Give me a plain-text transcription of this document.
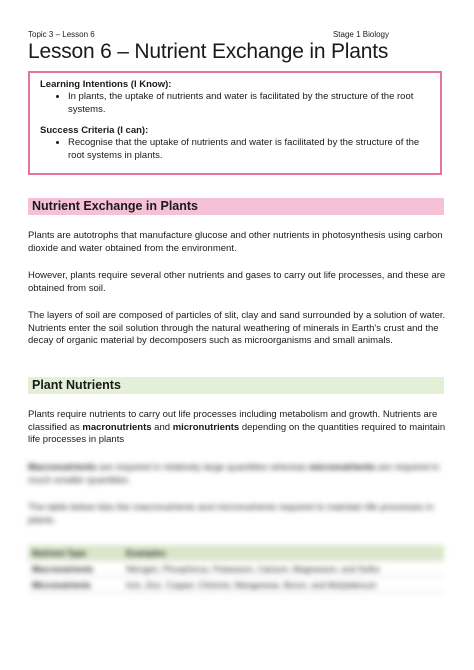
Topic 3 – Lesson 6	Stage 1 Biology
Lesson 6 – Nutrient Exchange in Plants

Learning Intentions (I Know):

• In plants, the uptake of nutrients and water is facilitated by the structure of the root systems.

Success Criteria (I can):

• Recognise that the uptake of nutrients and water is facilitated by the structure of the root systems in plants.
Nutrient Exchange in Plants

Plants are autotrophs that manufacture glucose and other nutrients in photosynthesis using carbon dioxide and water obtained from the environment.

However, plants require several other nutrients and gases to carry out life processes, and these are obtained from soil.

The layers of soil are composed of particles of slit, clay and sand surrounded by a solution of water. Nutrients enter the soil solution through the natural weathering of minerals in Earth's crust and the decay of organic material by decomposers such as microorganisms and small animals.

Plant Nutrients

Plants require nutrients to carry out life processes including metabolism and growth. Nutrients are classified as macronutrients and micronutrients depending on the quantities required to maintain life processes in plants

Macronutrients are required in relatively large quantities whereas micronutrients are required in much smaller quantities.

The table below lists the macronutrients and micronutrients required to maintain life processes in plants.

Nutrient Type	Examples
Macronutrients	Nitrogen, Phosphorus, Potassium, Calcium, Magnesium, and Sulfur
Micronutrients	Iron, Zinc, Copper, Chlorine, Manganese, Boron, and Molybdenum
